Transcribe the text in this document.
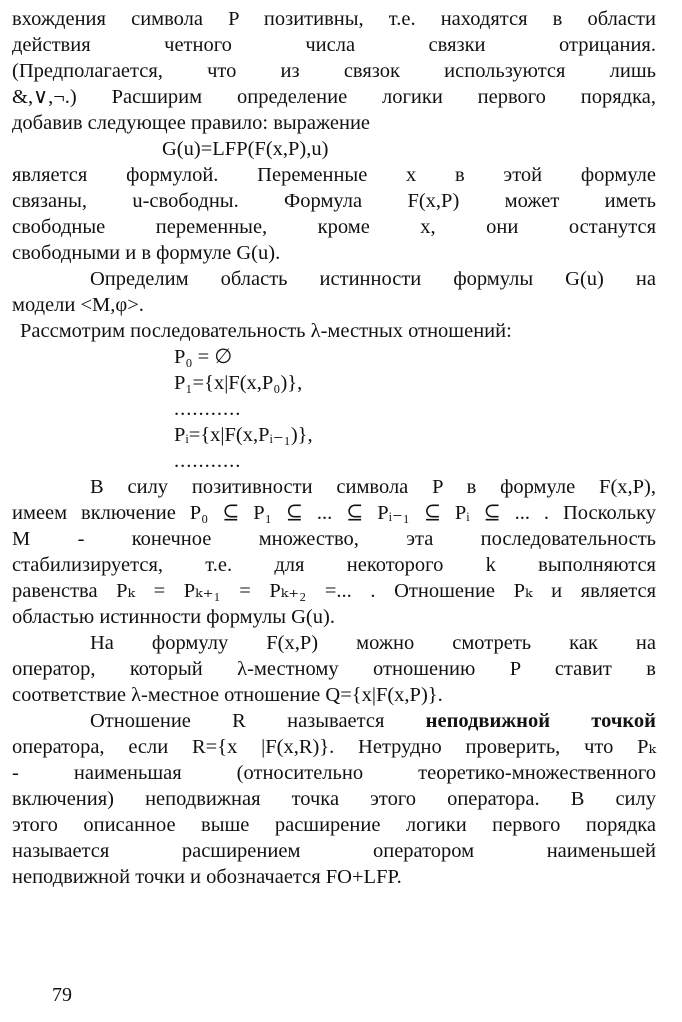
вхождения символа P позитивны, т.е. находятся в области

действия четного числа связки отрицания.

(Предполагается, что из связок используются лишь

&,∨,¬.) Расширим определение логики первого порядка,

добавив следующее правило: выражение

G(u)=LFP(F(x,P),u)

является формулой. Переменные x в этой формуле

связаны, u-свободны. Формула F(x,P) может иметь

свободные переменные, кроме x, они останутся

свободными и в формуле G(u).

Определим область истинности формулы G(u) на

модели <M,φ>.

Рассмотрим последовательность λ-местных отношений:

P₀ = ∅

P₁={x|F(x,P₀)},

...........

Pᵢ={x|F(x,Pᵢ₋₁)},

...........

В силу позитивности символа P в формуле F(x,P),

имеем включение P₀ ⊆ P₁ ⊆ ... ⊆ Pᵢ₋₁ ⊆ Pᵢ ⊆ ... . Поскольку

M - конечное множество, эта последовательность

стабилизируется, т.е. для некоторого k выполняются

равенства Pₖ = Pₖ₊₁ = Pₖ₊₂ =... . Отношение Pₖ и является

областью истинности формулы G(u).

На формулу F(x,P) можно смотреть как на

оператор, который λ-местному отношению P ставит в

соответствие λ-местное отношение Q={x|F(x,P)}.

Отношение R называется неподвижной точкой

оператора, если R={x |F(x,R)}. Нетрудно проверить, что Pₖ

- наименьшая (относительно теоретико-множественного

включения) неподвижная точка этого оператора. В силу

этого описанное выше расширение логики первого порядка

называется расширением оператором наименьшей

неподвижной точки и обозначается FO+LFP.

79
